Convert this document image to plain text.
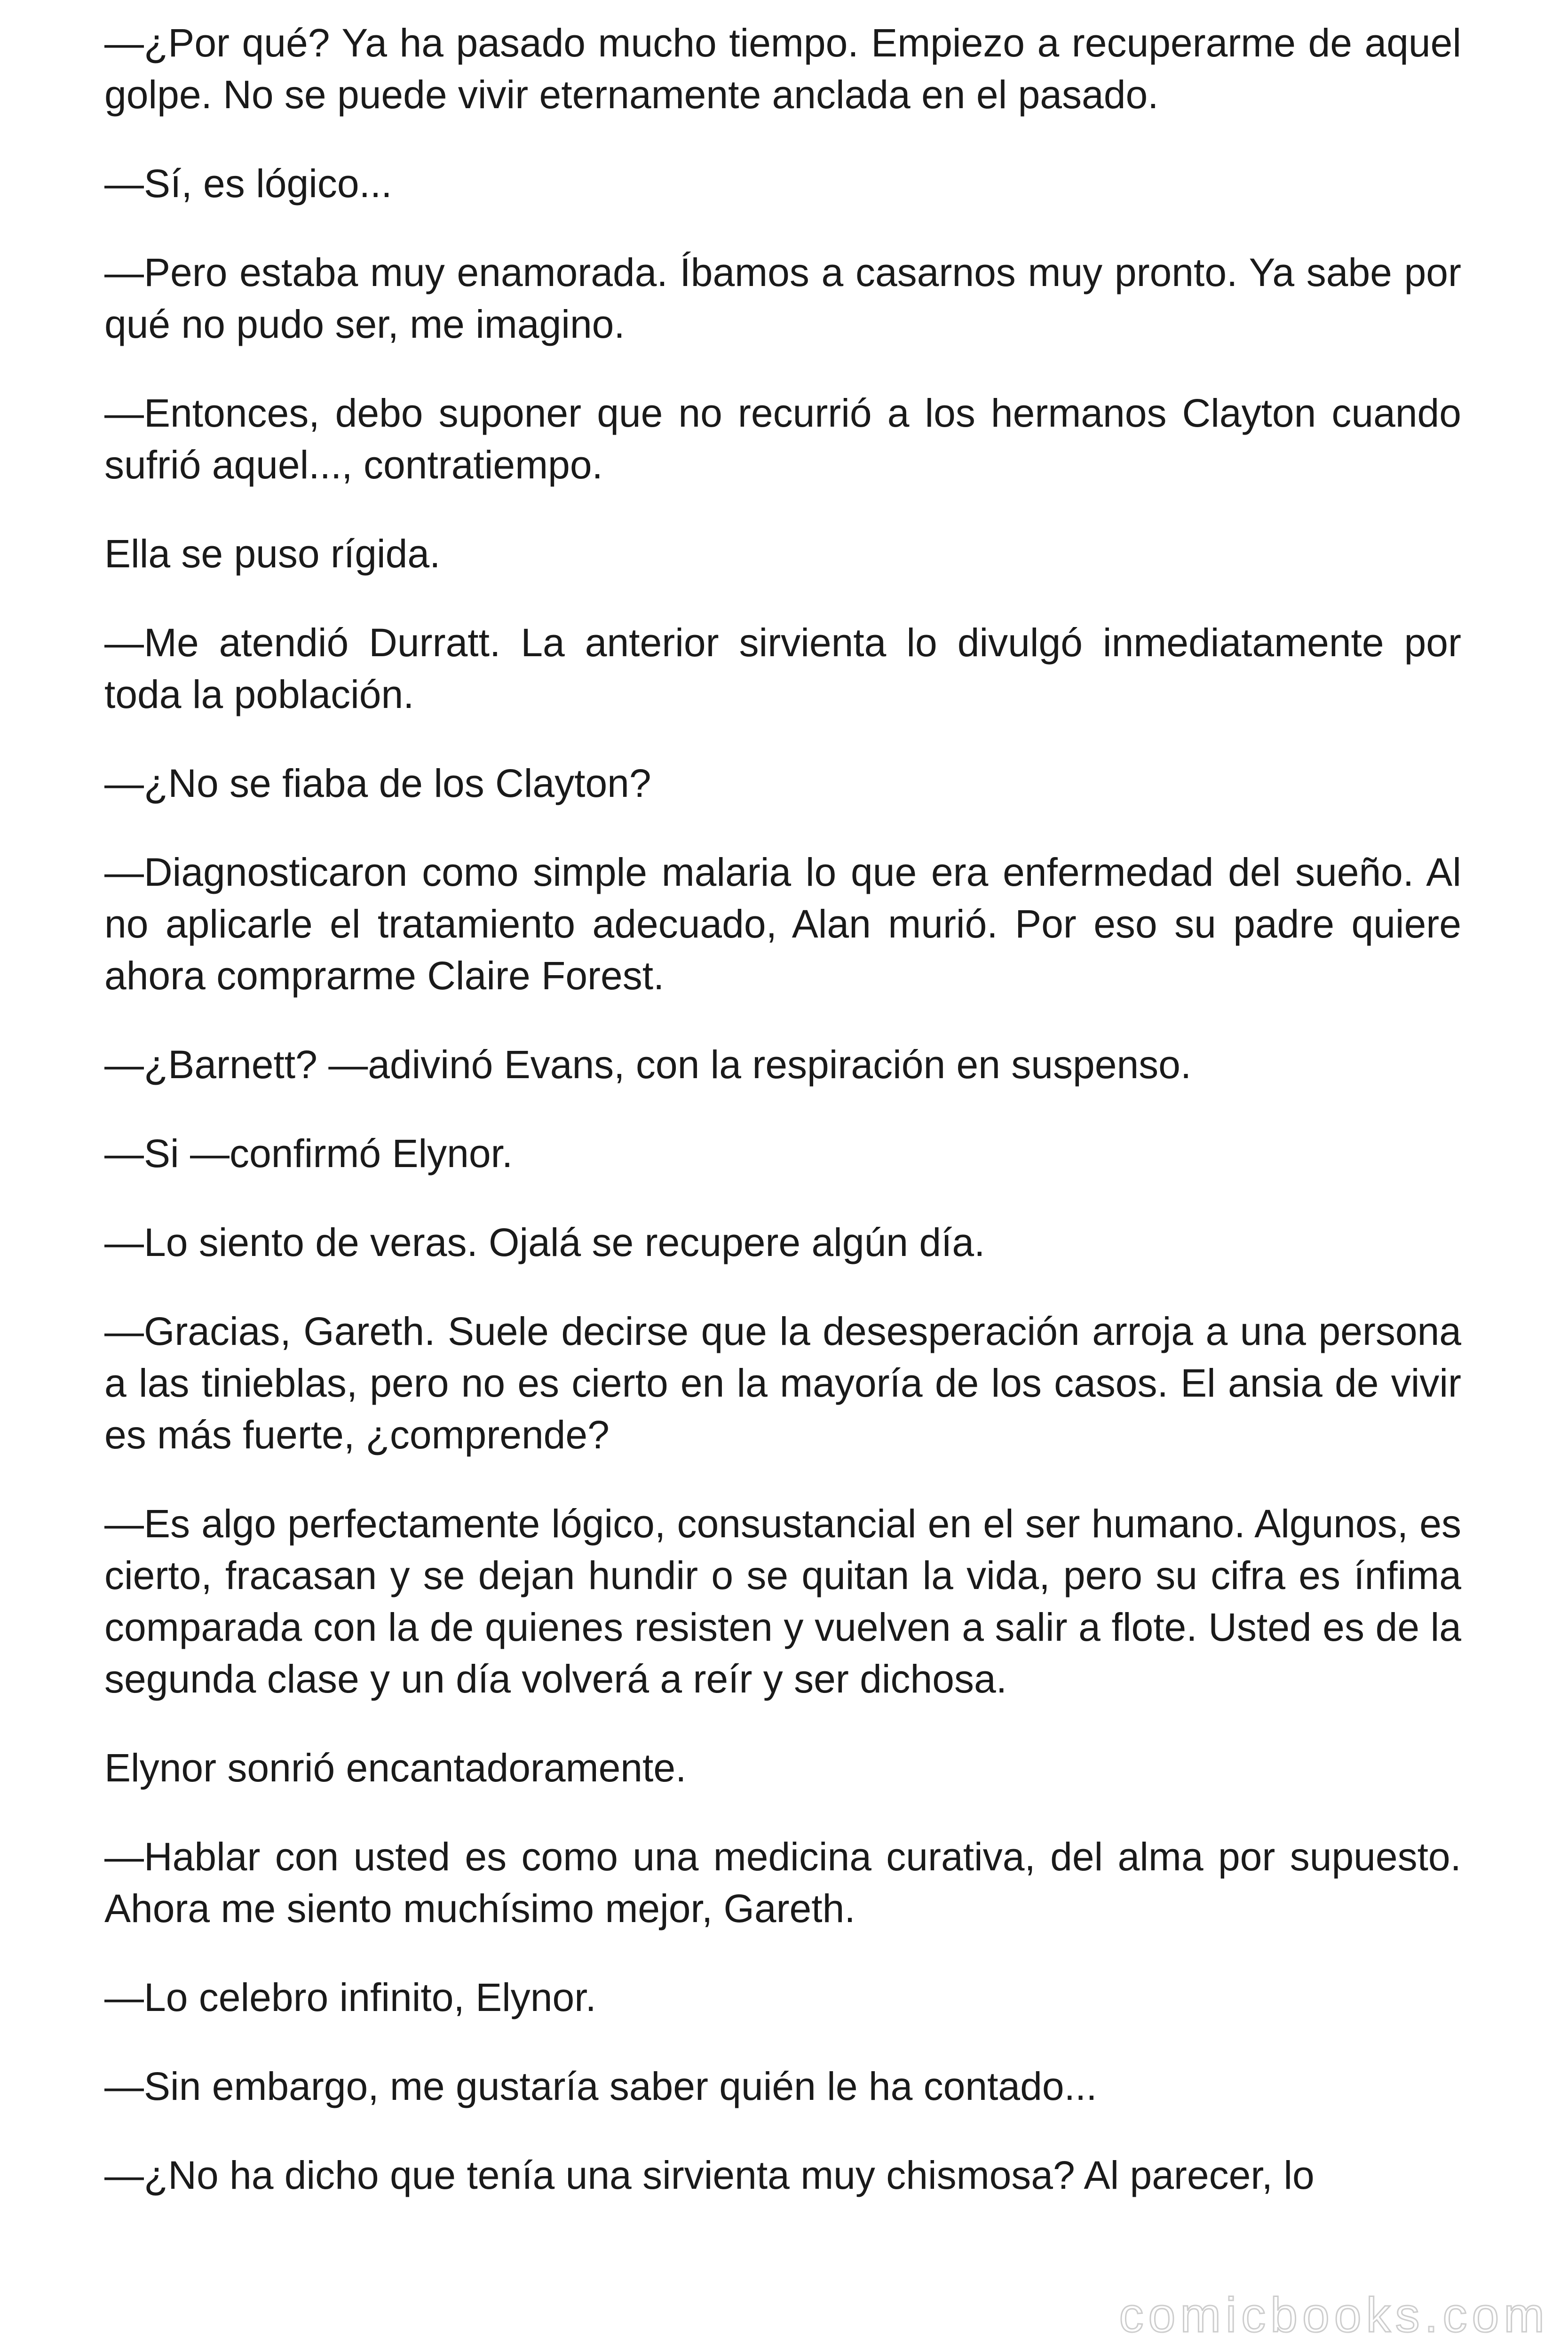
—¿Por qué? Ya ha pasado mucho tiempo. Empiezo a recuperarme de aquel golpe. No se puede vivir eternamente anclada en el pasado.

—Sí, es lógico...

—Pero estaba muy enamorada. Íbamos a casarnos muy pronto. Ya sabe por qué no pudo ser, me imagino.

—Entonces, debo suponer que no recurrió a los hermanos Clayton cuando sufrió aquel..., contratiempo.

Ella se puso rígida.

—Me atendió Durratt. La anterior sirvienta lo divulgó inmediatamente por toda la población.

—¿No se fiaba de los Clayton?

—Diagnosticaron como simple malaria lo que era enfermedad del sueño. Al no aplicarle el tratamiento adecuado, Alan murió. Por eso su padre quiere ahora comprarme Claire Forest.

—¿Barnett? —adivinó Evans, con la respiración en suspenso.

—Si —confirmó Elynor.

—Lo siento de veras. Ojalá se recupere algún día.

—Gracias, Gareth. Suele decirse que la desesperación arroja a una persona a las tinieblas, pero no es cierto en la mayoría de los casos. El ansia de vivir es más fuerte, ¿comprende?

—Es algo perfectamente lógico, consustancial en el ser humano. Algunos, es cierto, fracasan y se dejan hundir o se quitan la vida, pero su cifra es ínfima comparada con la de quienes resisten y vuelven a salir a flote. Usted es de la segunda clase y un día volverá a reír y ser dichosa.

Elynor sonrió encantadoramente.

—Hablar con usted es como una medicina curativa, del alma por supuesto. Ahora me siento muchísimo mejor, Gareth.

—Lo celebro infinito, Elynor.

—Sin embargo, me gustaría saber quién le ha contado...

—¿No ha dicho que tenía una sirvienta muy chismosa? Al parecer, lo

comicbooks.com
